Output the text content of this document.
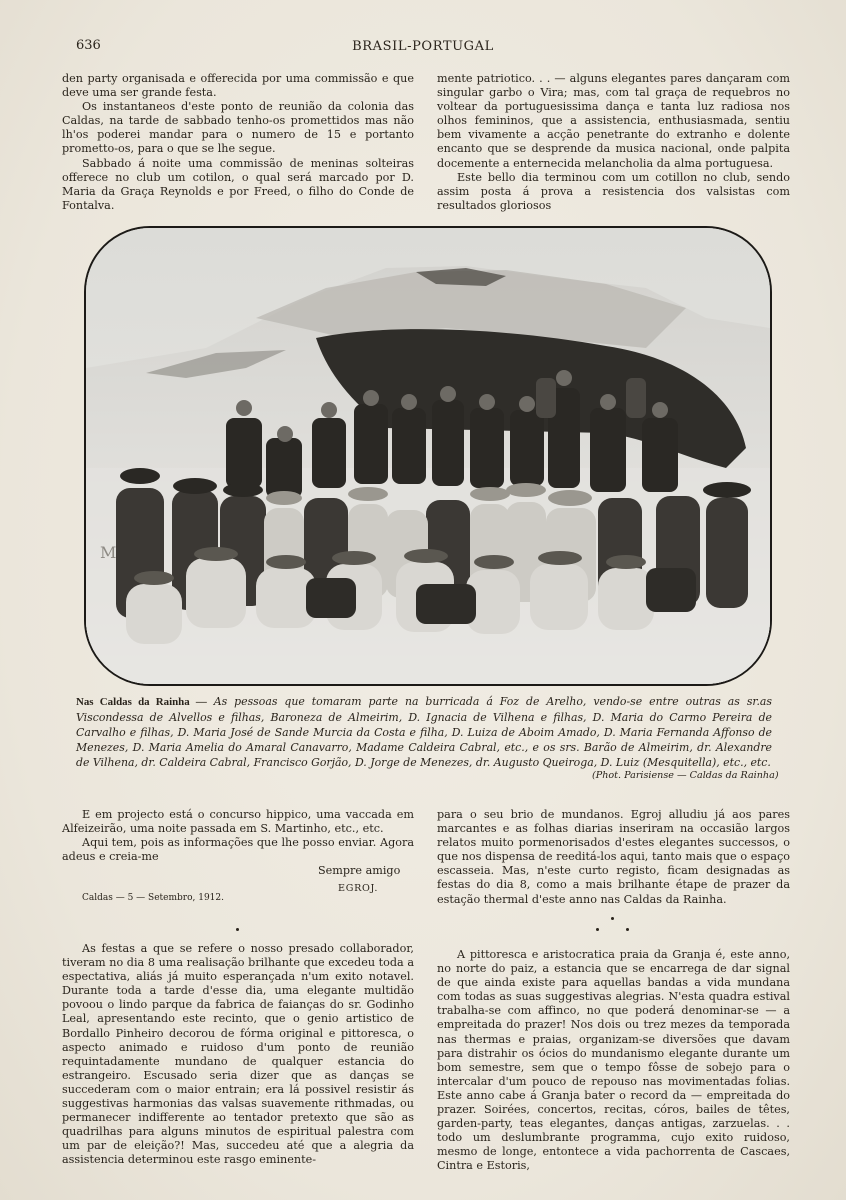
636	BRASIL-PORTUGAL

den party organisada e offerecida por uma commissão e que deve uma ser grande festa.

Os instantaneos d'este ponto de reunião da colonia das Caldas, na tarde de sabbado tenho-os promettidos mas não lh'os poderei mandar para o numero de 15 e portanto prometto-os, para o que se lhe segue.

Sabbado á noite uma commissão de meninas solteiras offerece no club um cotilon, o qual será marcado por D. Maria da Graça Reynolds e por Freed, o filho do Conde de Fontalva.

mente patriotico. . . — alguns elegantes pares dançaram com singular garbo o Vira; mas, com tal graça de requebros no voltear da portuguesissima dança e tanta luz radiosa nos olhos femininos, que a assistencia, enthusiasmada, sentiu bem vivamente a acção penetrante do extranho e dolente encanto que se desprende da musica nacional, onde palpita docemente a enternecida melancholia da alma portuguesa.

Este bello dia terminou com um cotillon no club, sendo assim posta á prova a resistencia dos valsistas com resultados gloriosos

M
Nas Caldas da Rainha — As pessoas que tomaram parte na burricada á Foz de Arelho, vendo-se entre outras as sr.as Viscondessa de Alvellos e filhas, Baroneza de Almeirim, D. Ignacia de Vilhena e filhas, D. Maria do Carmo Pereira de Carvalho e filhas, D. Maria José de Sande Murcia da Costa e filha, D. Luiza de Aboim Amado, D. Maria Fernanda Affonso de Menezes, D. Maria Amelia do Amaral Canavarro, Madame Caldeira Cabral, etc., e os srs. Barão de Almeirim, dr. Alexandre de Vilhena, dr. Caldeira Cabral, Francisco Gorjão, D. Jorge de Menezes, dr. Augusto Queiroga, D. Luiz (Mesquitella), etc., etc.
(Phot. Parisiense — Caldas da Rainha)

E em projecto está o concurso hippico, uma vaccada em Alfeizeirão, uma noite passada em S. Martinho, etc., etc.

Aqui tem, pois as informações que lhe posso enviar. Agora adeus e creia-me

Sempre amigo
EGROJ.
Caldas — 5 — Setembro, 1912.

para o seu brio de mundanos. Egroj alludiu já aos pares marcantes e as folhas diarias inseriram na occasião largos relatos muito pormenorisados d'estes elegantes successos, o que nos dispensa de reeditá-los aqui, tanto mais que o espaço escasseia. Mas, n'este curto registo, ficam designadas as festas do dia 8, como a mais brilhante étape de prazer da estação thermal d'este anno nas Caldas da Rainha.

As festas a que se refere o nosso presado collaborador, tiveram no dia 8 uma realisação brilhante que excedeu toda a espectativa, aliás já muito esperançada n'um exito notavel. Durante toda a tarde d'esse dia, uma elegante multidão povoou o lindo parque da fabrica de faianças do sr. Godinho Leal, apresentando este recinto, que o genio artistico de Bordallo Pinheiro decorou de fórma original e pittoresca, o aspecto animado e ruidoso d'um ponto de reunião requintadamente mundano de qualquer estancia do estrangeiro. Escusado seria dizer que as danças se succederam com o maior entrain; era lá possivel resistir ás suggestivas harmonias das valsas suavemente rithmadas, ou permanecer indifferente ao tentador pretexto que são as quadrilhas para alguns minutos de espiritual palestra com um par de eleição?! Mas, succedeu até que a alegria da assistencia determinou este rasgo eminente-

A pittoresca e aristocratica praia da Granja é, este anno, no norte do paiz, a estancia que se encarrega de dar signal de que ainda existe para aquellas bandas a vida mundana com todas as suas suggestivas alegrias. N'esta quadra estival trabalha-se com affinco, no que poderá denominar-se — a empreitada do prazer! Nos dois ou trez mezes da temporada nas thermas e praias, organizam-se diversões que davam para distrahir os ócios do mundanismo elegante durante um bom semestre, sem que o tempo fôsse de sobejo para o intercalar d'um pouco de repouso nas movimentadas folias. Este anno cabe á Granja bater o record da — empreitada do prazer. Soirées, concertos, recitas, córos, bailes de têtes, garden-party, teas elegantes, danças antigas, zarzuelas. . . todo um deslumbrante programma, cujo exito ruidoso, mesmo de longe, entontece a vida pachorrenta de Cascaes, Cintra e Estoris,
